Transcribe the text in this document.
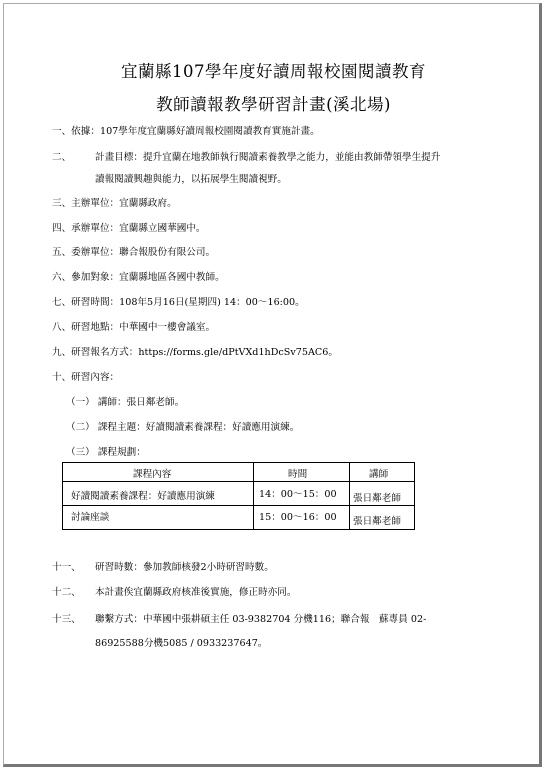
宜蘭縣107學年度好讀周報校園閱讀教育
教師讀報教學研習計畫(溪北場)
一、依據：107學年度宜蘭縣好讀周報校園閱讀教育實施計畫。
二、 計畫目標：提升宜蘭在地教師執行閱讀素養教學之能力，並能由教師帶領學生提升
讀報閱讀興趣與能力，以拓展學生閱讀視野。
三、主辦單位：宜蘭縣政府。
四、承辦單位：宜蘭縣立國華國中。
五、委辦單位：聯合報股份有限公司。
六、參加對象：宜蘭縣地區各國中教師。
七、研習時間：108年5月16日(星期四) 14：00～16:00。
八、研習地點：中華國中一樓會議室。
九、研習報名方式：https://forms.gle/dPtVXd1hDcSv75AC6。
十、研習內容：
（一） 講師：張日鄰老師。
（二） 課程主題：好讀閱讀素養課程：好讀應用演練。
（三） 課程規劃：
課程內容	時間	講師
好讀閱讀素養課程：好讀應用演練	14：00～15：00 張日鄰老師
討論座談	15：00～16：00 張日鄰老師
十一、 研習時數：參加教師核發2小時研習時數。
十二、 本計畫俟宜蘭縣政府核准後實施，修正時亦同。
十三、 聯繫方式：中華國中張耕碩主任 03-9382704 分機116；聯合報　蘇專員 02-
86925588分機5085 / 0933237647。
